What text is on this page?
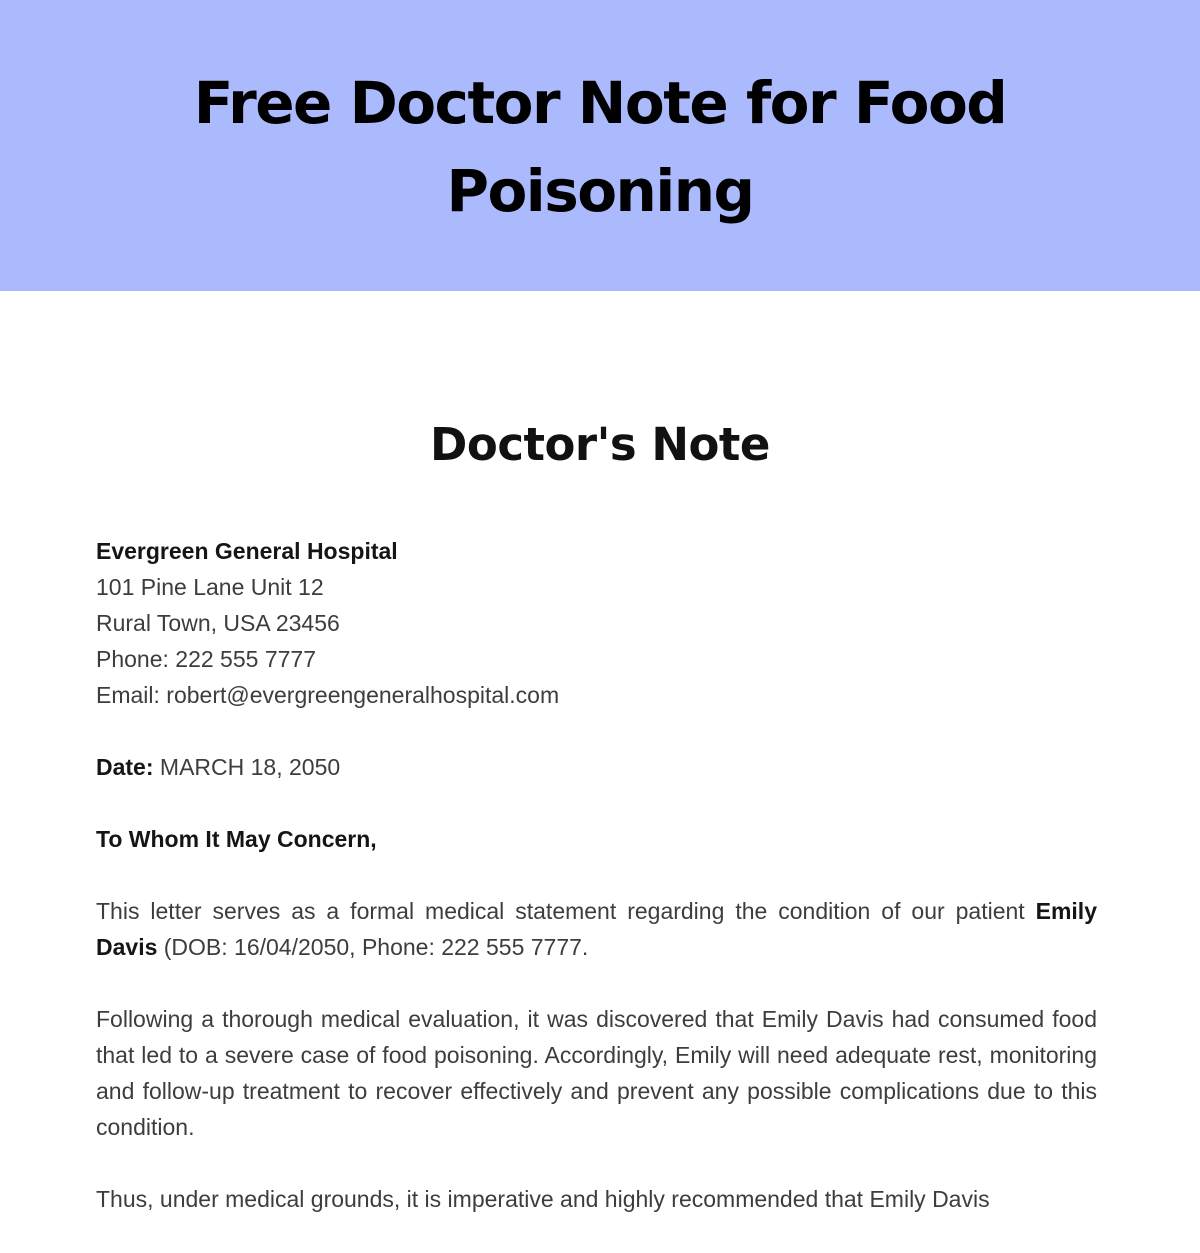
Free Doctor Note for Food Poisoning
Doctor's Note

Evergreen General Hospital
101 Pine Lane Unit 12
Rural Town, USA 23456
Phone: 222 555 7777
Email: robert@evergreengeneralhospital.com

Date: MARCH 18, 2050

To Whom It May Concern,

This letter serves as a formal medical statement regarding the condition of our patient Emily Davis (DOB: 16/04/2050, Phone: 222 555 7777.

Following a thorough medical evaluation, it was discovered that Emily Davis had consumed food that led to a severe case of food poisoning. Accordingly, Emily will need adequate rest, monitoring and follow-up treatment to recover effectively and prevent any possible complications due to this condition.

Thus, under medical grounds, it is imperative and highly recommended that Emily Davis
